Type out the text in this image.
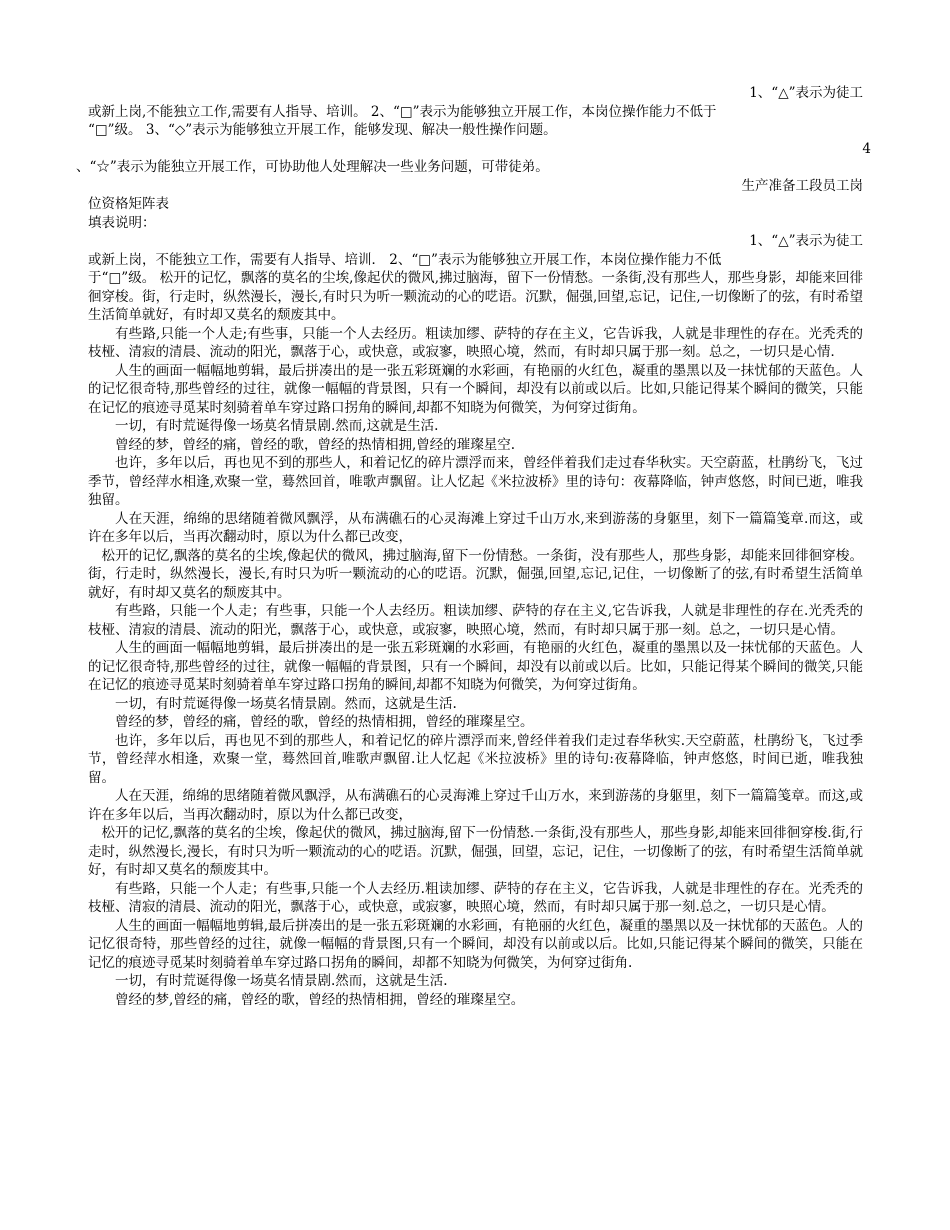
1、“△”表示为徒工
或新上岗,不能独立工作,需要有人指导、培训。 2、“□”表示为能够独立开展工作，本岗位操作能力不低于
“□”级。 3、“◇”表示为能够独立开展工作，能够发现、解决一般性操作问题。
4
、“☆”表示为能独立开展工作，可协助他人处理解决一些业务问题，可带徒弟。
生产准备工段员工岗
位资格矩阵表
填表说明：
1、“△”表示为徒工
或新上岗，不能独立工作，需要有人指导、培训． 2、“□”表示为能够独立开展工作，本岗位操作能力不低
于“□”级。 松开的记忆，飘落的莫名的尘埃,像起伏的微风,拂过脑海，留下一份情愁。一条街,没有那些人，那些身影，却能来回徘徊穿梭。街，行走时，纵然漫长，漫长,有时只为听一颗流动的心的呓语。沉默，倔强,回望,忘记，记住,一切像断了的弦，有时希望生活简单就好，有时却又莫名的颓废其中。
有些路,只能一个人走;有些事，只能一个人去经历。粗读加缪、萨特的存在主义，它告诉我，人就是非理性的存在。光秃秃的枝桠、清寂的清晨、流动的阳光，飘落于心，或快意，或寂寥，映照心境，然而，有时却只属于那一刻。总之，一切只是心情．
人生的画面一幅幅地剪辑，最后拼凑出的是一张五彩斑斓的水彩画，有艳丽的火红色，凝重的墨黑以及一抹忧郁的天蓝色。人的记忆很奇特,那些曾经的过往，就像一幅幅的背景图，只有一个瞬间，却没有以前或以后。比如,只能记得某个瞬间的微笑，只能在记忆的痕迹寻觅某时刻骑着单车穿过路口拐角的瞬间,却都不知晓为何微笑，为何穿过街角。
一切，有时荒诞得像一场莫名情景剧.然而,这就是生活.
曾经的梦，曾经的痛，曾经的歌，曾经的热情相拥,曾经的璀璨星空.
也许，多年以后，再也见不到的那些人，和着记忆的碎片漂浮而来，曾经伴着我们走过春华秋实。天空蔚蓝，杜鹃纷飞，飞过季节，曾经萍水相逢,欢聚一堂，蓦然回首，唯歌声飘留。让人忆起《米拉波桥》里的诗句：夜幕降临，钟声悠悠，时间已逝，唯我独留。
人在天涯，绵绵的思绪随着微风飘浮，从布满礁石的心灵海滩上穿过千山万水,来到游荡的身躯里，刻下一篇篇笺章.而这，或许在多年以后，当再次翻动时，原以为什么都已改变，
松开的记忆,飘落的莫名的尘埃,像起伏的微风，拂过脑海,留下一份情愁。一条街，没有那些人，那些身影，却能来回徘徊穿梭。街，行走时，纵然漫长，漫长,有时只为听一颗流动的心的呓语。沉默，倔强,回望,忘记,记住，一切像断了的弦,有时希望生活简单就好，有时却又莫名的颓废其中。
有些路，只能一个人走；有些事，只能一个人去经历。粗读加缪、萨特的存在主义,它告诉我，人就是非理性的存在.光秃秃的枝桠、清寂的清晨、流动的阳光，飘落于心，或快意，或寂寥，映照心境，然而，有时却只属于那一刻。总之，一切只是心情。
人生的画面一幅幅地剪辑，最后拼凑出的是一张五彩斑斓的水彩画，有艳丽的火红色，凝重的墨黑以及一抹忧郁的天蓝色。人的记忆很奇特,那些曾经的过往，就像一幅幅的背景图，只有一个瞬间，却没有以前或以后。比如，只能记得某个瞬间的微笑,只能在记忆的痕迹寻觅某时刻骑着单车穿过路口拐角的瞬间,却都不知晓为何微笑，为何穿过街角。
一切，有时荒诞得像一场莫名情景剧。然而，这就是生活.
曾经的梦，曾经的痛，曾经的歌，曾经的热情相拥，曾经的璀璨星空。
也许，多年以后，再也见不到的那些人，和着记忆的碎片漂浮而来,曾经伴着我们走过春华秋实.天空蔚蓝，杜鹃纷飞，飞过季节，曾经萍水相逢，欢聚一堂，蓦然回首,唯歌声飘留.让人忆起《米拉波桥》里的诗句:夜幕降临，钟声悠悠，时间已逝，唯我独留。
人在天涯，绵绵的思绪随着微风飘浮，从布满礁石的心灵海滩上穿过千山万水，来到游荡的身躯里，刻下一篇篇笺章。而这,或许在多年以后，当再次翻动时，原以为什么都已改变，
松开的记忆,飘落的莫名的尘埃，像起伏的微风，拂过脑海,留下一份情愁.一条街,没有那些人，那些身影,却能来回徘徊穿梭.街,行走时，纵然漫长,漫长，有时只为听一颗流动的心的呓语。沉默，倔强，回望，忘记，记住，一切像断了的弦，有时希望生活简单就好，有时却又莫名的颓废其中。
有些路，只能一个人走；有些事,只能一个人去经历.粗读加缪、萨特的存在主义，它告诉我，人就是非理性的存在。光秃秃的枝桠、清寂的清晨、流动的阳光，飘落于心，或快意，或寂寥，映照心境，然而，有时却只属于那一刻.总之，一切只是心情。
人生的画面一幅幅地剪辑,最后拼凑出的是一张五彩斑斓的水彩画，有艳丽的火红色，凝重的墨黑以及一抹忧郁的天蓝色。人的记忆很奇特，那些曾经的过往，就像一幅幅的背景图,只有一个瞬间，却没有以前或以后。比如,只能记得某个瞬间的微笑，只能在记忆的痕迹寻觅某时刻骑着单车穿过路口拐角的瞬间，却都不知晓为何微笑，为何穿过街角.
一切，有时荒诞得像一场莫名情景剧.然而，这就是生活.
曾经的梦,曾经的痛，曾经的歌，曾经的热情相拥，曾经的璀璨星空。
